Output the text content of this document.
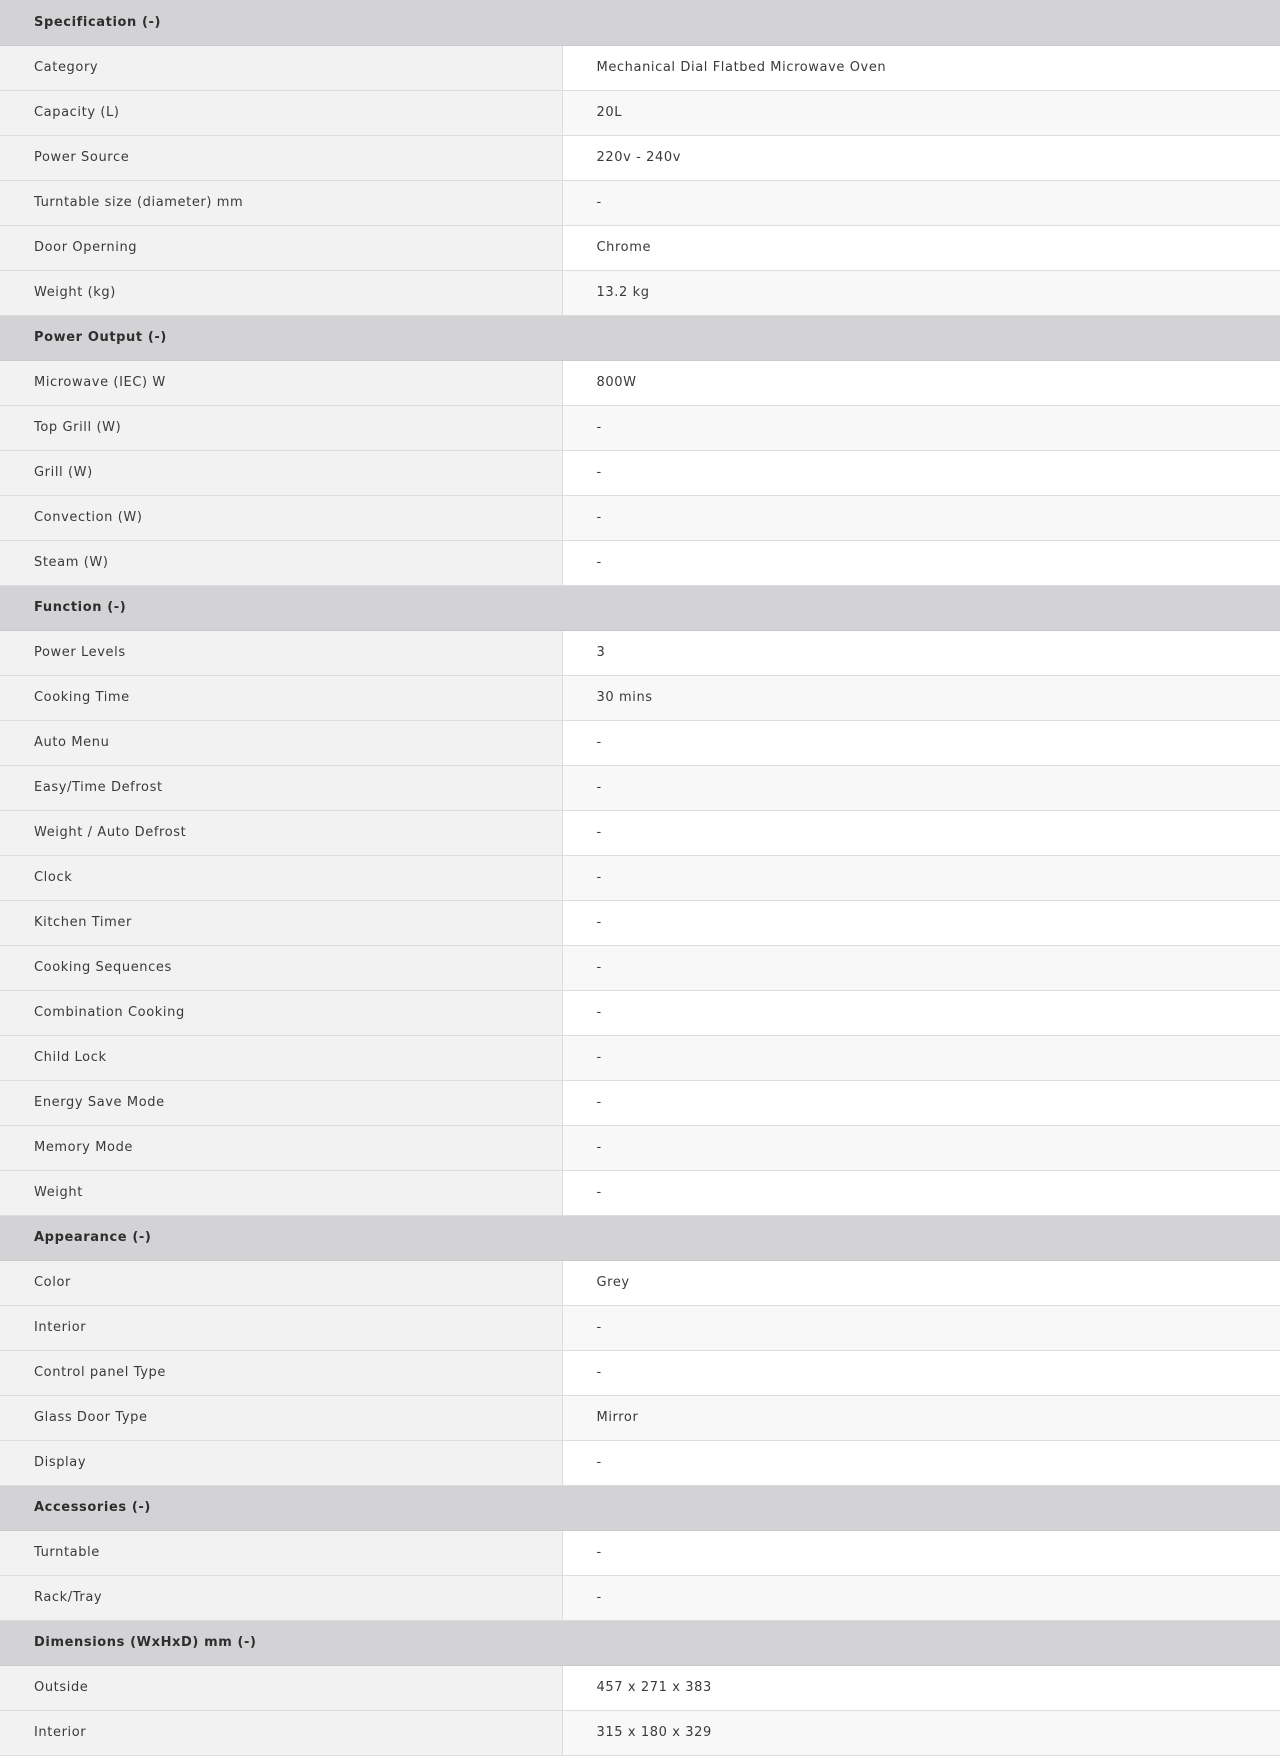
Specification (-)	
Category	Mechanical Dial Flatbed Microwave Oven
Capacity (L)	20L
Power Source	220v - 240v
Turntable size (diameter) mm	-
Door Operning	Chrome
Weight (kg)	13.2 kg
Power Output (-)	
Microwave (IEC) W	800W
Top Grill (W)	-
Grill (W)	-
Convection (W)	-
Steam (W)	-
Function (-)	
Power Levels	3
Cooking Time	30 mins
Auto Menu	-
Easy/Time Defrost	-
Weight / Auto Defrost	-
Clock	-
Kitchen Timer	-
Cooking Sequences	-
Combination Cooking	-
Child Lock	-
Energy Save Mode	-
Memory Mode	-
Weight	-
Appearance (-)	
Color	Grey
Interior	-
Control panel Type	-
Glass Door Type	Mirror
Display	-
Accessories (-)	
Turntable	-
Rack/Tray	-
Dimensions (WxHxD) mm (-)	
Outside	457 x 271 x 383
Interior	315 x 180 x 329
